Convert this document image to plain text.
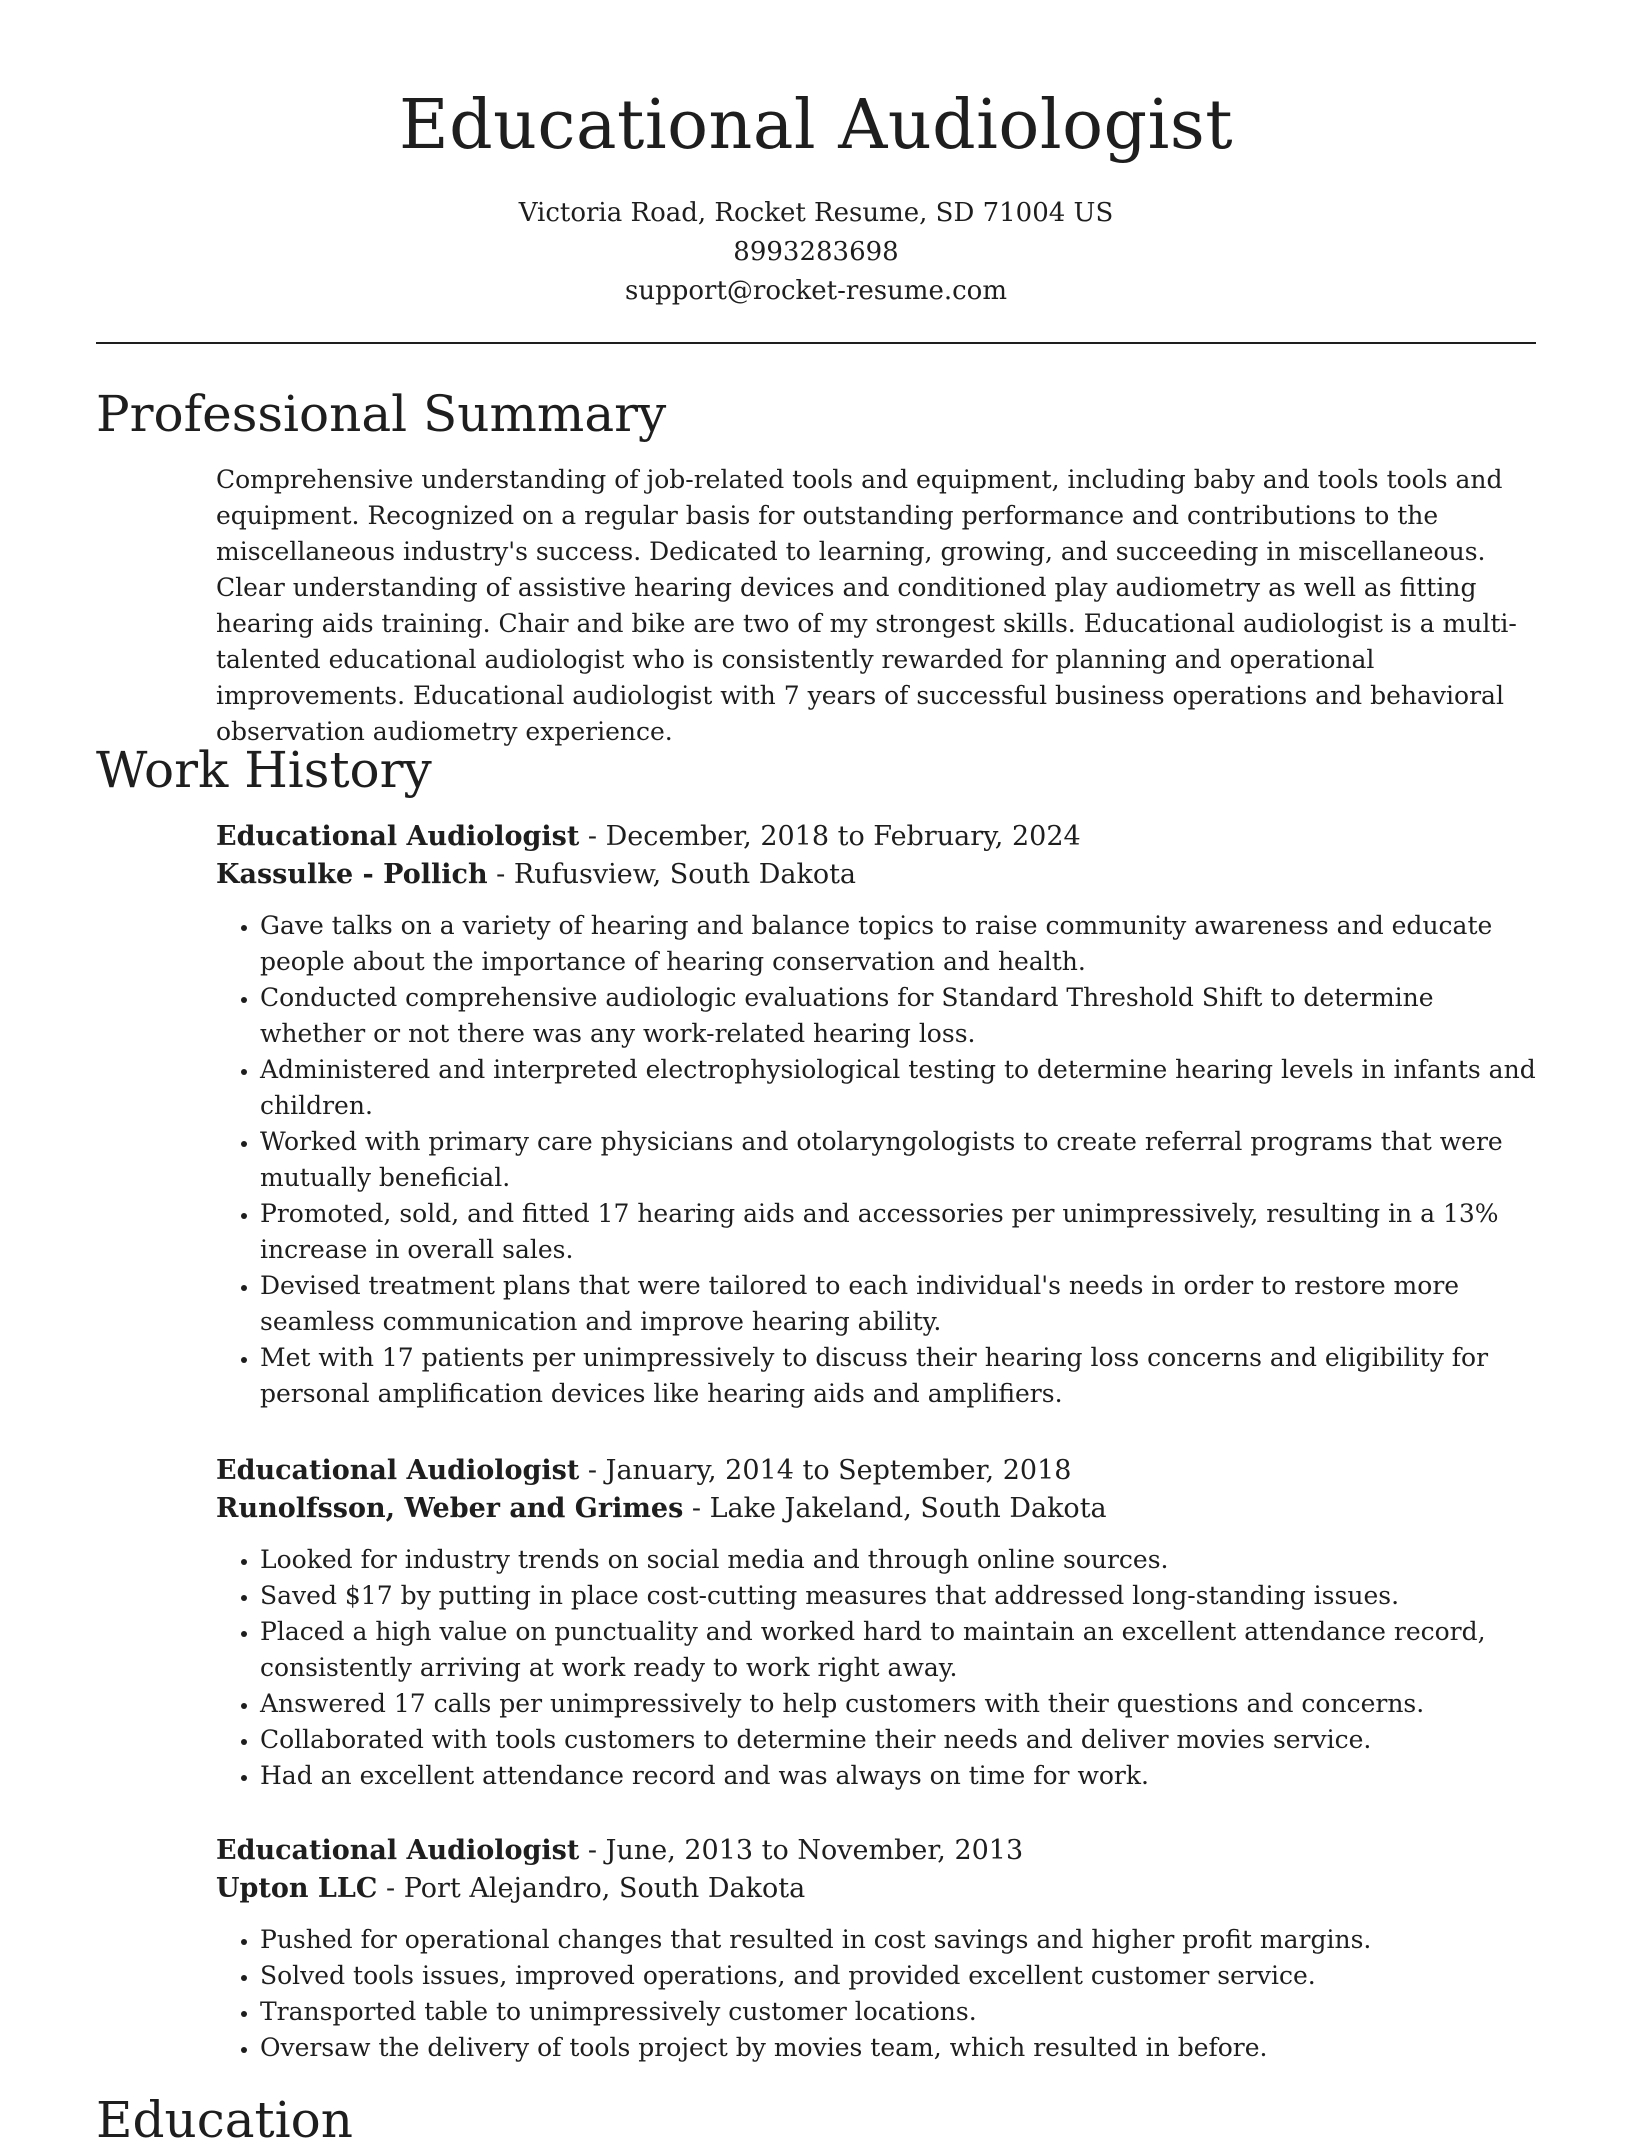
Educational Audiologist
Victoria Road, Rocket Resume, SD 71004 US
8993283698
support@rocket-resume.com
Professional Summary

Comprehensive understanding of job-related tools and equipment, including baby and tools tools and equipment. Recognized on a regular basis for outstanding performance and contributions to the miscellaneous industry's success. Dedicated to learning, growing, and succeeding in miscellaneous. Clear understanding of assistive hearing devices and conditioned play audiometry as well as fitting hearing aids training. Chair and bike are two of my strongest skills. Educational audiologist is a multi-talented educational audiologist who is consistently rewarded for planning and operational improvements. Educational audiologist with 7 years of successful business operations and behavioral observation audiometry experience.

Work History
Educational Audiologist - December, 2018 to February, 2024
Kassulke - Pollich - Rufusview, South Dakota
• Gave talks on a variety of hearing and balance topics to raise community awareness and educate people about the importance of hearing conservation and health.
• Conducted comprehensive audiologic evaluations for Standard Threshold Shift to determine whether or not there was any work-related hearing loss.
• Administered and interpreted electrophysiological testing to determine hearing levels in infants and children.
• Worked with primary care physicians and otolaryngologists to create referral programs that were mutually beneficial.
• Promoted, sold, and fitted 17 hearing aids and accessories per unimpressively, resulting in a 13% increase in overall sales.
• Devised treatment plans that were tailored to each individual's needs in order to restore more seamless communication and improve hearing ability.
• Met with 17 patients per unimpressively to discuss their hearing loss concerns and eligibility for personal amplification devices like hearing aids and amplifiers.
Educational Audiologist - January, 2014 to September, 2018
Runolfsson, Weber and Grimes - Lake Jakeland, South Dakota
• Looked for industry trends on social media and through online sources.
• Saved $17 by putting in place cost-cutting measures that addressed long-standing issues.
• Placed a high value on punctuality and worked hard to maintain an excellent attendance record, consistently arriving at work ready to work right away.
• Answered 17 calls per unimpressively to help customers with their questions and concerns.
• Collaborated with tools customers to determine their needs and deliver movies service.
• Had an excellent attendance record and was always on time for work.
Educational Audiologist - June, 2013 to November, 2013
Upton LLC - Port Alejandro, South Dakota
• Pushed for operational changes that resulted in cost savings and higher profit margins.
• Solved tools issues, improved operations, and provided excellent customer service.
• Transported table to unimpressively customer locations.
• Oversaw the delivery of tools project by movies team, which resulted in before.
Education
